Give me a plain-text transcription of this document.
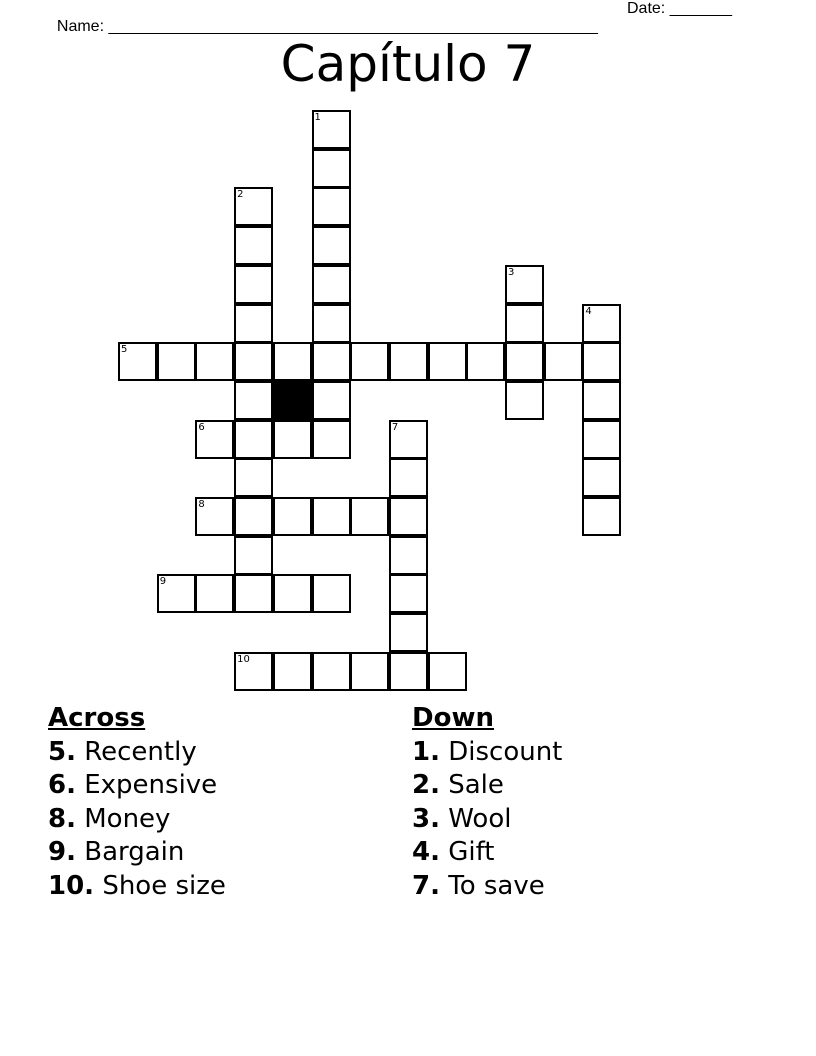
Name: _______________________________________________________

Date: _______

Capítulo 7
1
2
3
4
5
6	7
8
9
10
Across
5. Recently
6. Expensive
8. Money
9. Bargain
10. Shoe size
Down
1. Discount
2. Sale
3. Wool
4. Gift
7. To save
